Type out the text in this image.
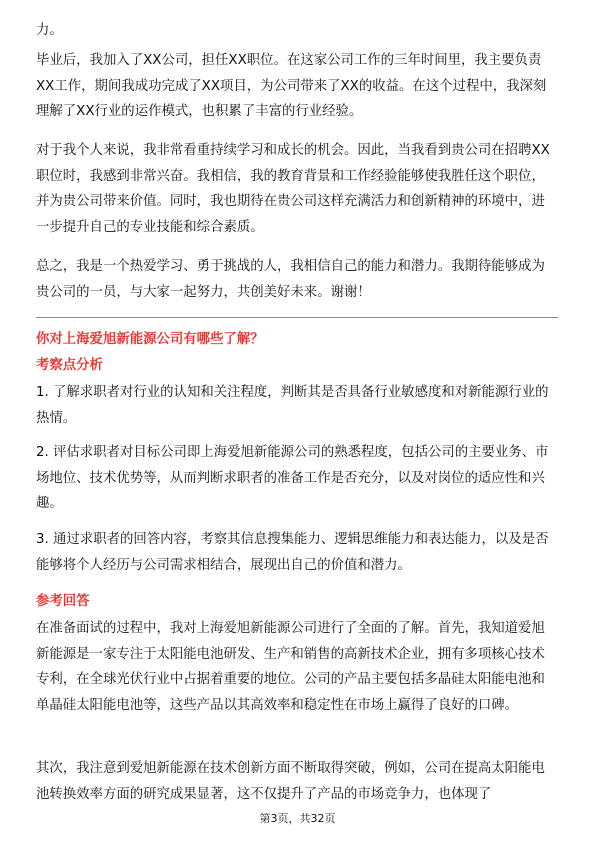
力。

毕业后，我加入了XX公司，担任XX职位。在这家公司工作的三年时间里，我主要负责XX工作，期间我成功完成了XX项目，为公司带来了XX的收益。在这个过程中，我深刻理解了XX行业的运作模式，也积累了丰富的行业经验。

对于我个人来说，我非常看重持续学习和成长的机会。因此，当我看到贵公司在招聘XX职位时，我感到非常兴奋。我相信，我的教育背景和工作经验能够使我胜任这个职位，并为贵公司带来价值。同时，我也期待在贵公司这样充满活力和创新精神的环境中，进一步提升自己的专业技能和综合素质。

总之，我是一个热爱学习、勇于挑战的人，我相信自己的能力和潜力。我期待能够成为贵公司的一员，与大家一起努力，共创美好未来。谢谢！

你对上海爱旭新能源公司有哪些了解？

考察点分析

1. 了解求职者对行业的认知和关注程度，判断其是否具备行业敏感度和对新能源行业的热情。

2. 评估求职者对目标公司即上海爱旭新能源公司的熟悉程度，包括公司的主要业务、市场地位、技术优势等，从而判断求职者的准备工作是否充分，以及对岗位的适应性和兴趣。

3. 通过求职者的回答内容，考察其信息搜集能力、逻辑思维能力和表达能力，以及是否能够将个人经历与公司需求相结合，展现出自己的价值和潜力。

参考回答

在准备面试的过程中，我对上海爱旭新能源公司进行了全面的了解。首先，我知道爱旭新能源是一家专注于太阳能电池研发、生产和销售的高新技术企业，拥有多项核心技术专利，在全球光伏行业中占据着重要的地位。公司的产品主要包括多晶硅太阳能电池和单晶硅太阳能电池等，这些产品以其高效率和稳定性在市场上赢得了良好的口碑。

其次，我注意到爱旭新能源在技术创新方面不断取得突破，例如，公司在提高太阳能电池转换效率方面的研究成果显著，这不仅提升了产品的市场竞争力，也体现了

第3页，共32页
